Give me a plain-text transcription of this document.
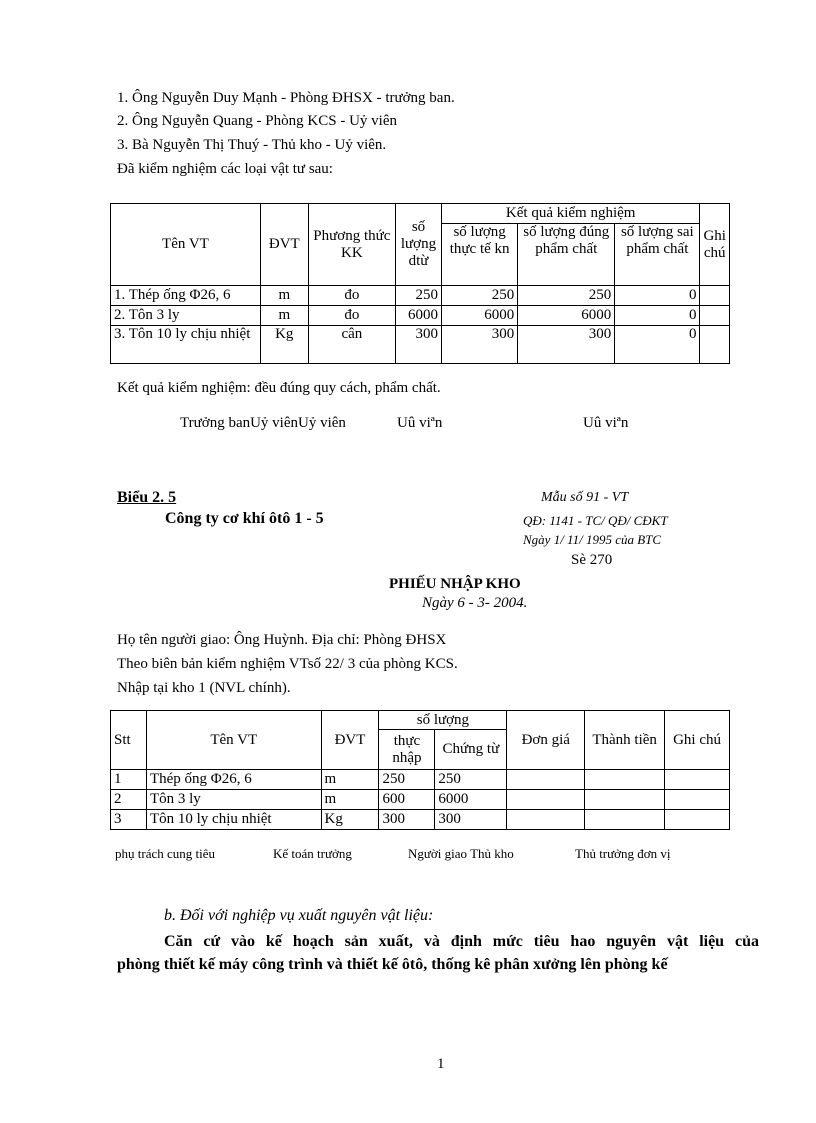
1. Ông Nguyễn Duy Mạnh - Phòng ĐHSX - trưởng ban.
2. Ông Nguyễn Quang - Phòng KCS - Uỷ viên
3. Bà Nguyễn Thị Thuý - Thủ kho - Uỷ viên.
Đã kiểm nghiệm các loại vật tư sau:
Tên VT	ĐVT	Phương thức KK	số lượng dtừ	Kết quả kiểm nghiệm			Ghi chú
				số lượng thực tế kn	số lượng đúng phẩm chất	số lượng sai phẩm chất	
1. Thép ống Φ26, 6	m	đo	250	250	250	0	
2. Tôn 3 ly	m	đo	6000	6000	6000	0	
3. Tôn 10 ly chịu nhiệt	Kg	cân	300	300	300	0	
Kết quả kiểm nghiệm: đều đúng quy cách, phẩm chất.
Trưởng banUỷ viênUỷ viên	Uû viªn	Uû viªn
Biểu 2. 5
Công ty cơ khí ôtô 1 - 5
Mẫu số 91 - VT
QĐ: 1141 - TC/ QĐ/ CĐKT
Ngày 1/ 11/ 1995 của BTC
Sè 270
PHIẾU NHẬP KHO
Ngày 6 - 3- 2004.
Họ tên người giao: Ông Huỳnh. Địa chỉ: Phòng ĐHSX
Theo biên bản kiểm nghiệm VTsố 22/ 3 của phòng KCS.
Nhập tại kho 1 (NVL chính).
Stt	Tên VT	ĐVT	số lượng		Đơn giá	Thành tiền	Ghi chú
			thực nhập	Chứng từ			
1	Thép ống Φ26, 6	m	250	250			
2	Tôn 3 ly	m	600	6000			
3	Tôn 10 ly chịu nhiệt	Kg	300	300			
phụ trách cung tiêu	Kế toán trưởng	Người giao Thủ kho	Thủ trưởng đơn vị
b. Đối với nghiệp vụ xuất nguyên vật liệu:
Căn cứ vào kế hoạch sản xuất, và định mức tiêu hao nguyên vật liệu của
phòng thiết kế máy công trình và thiết kế ôtô, thống kê phân xưởng lên phòng kế
1
